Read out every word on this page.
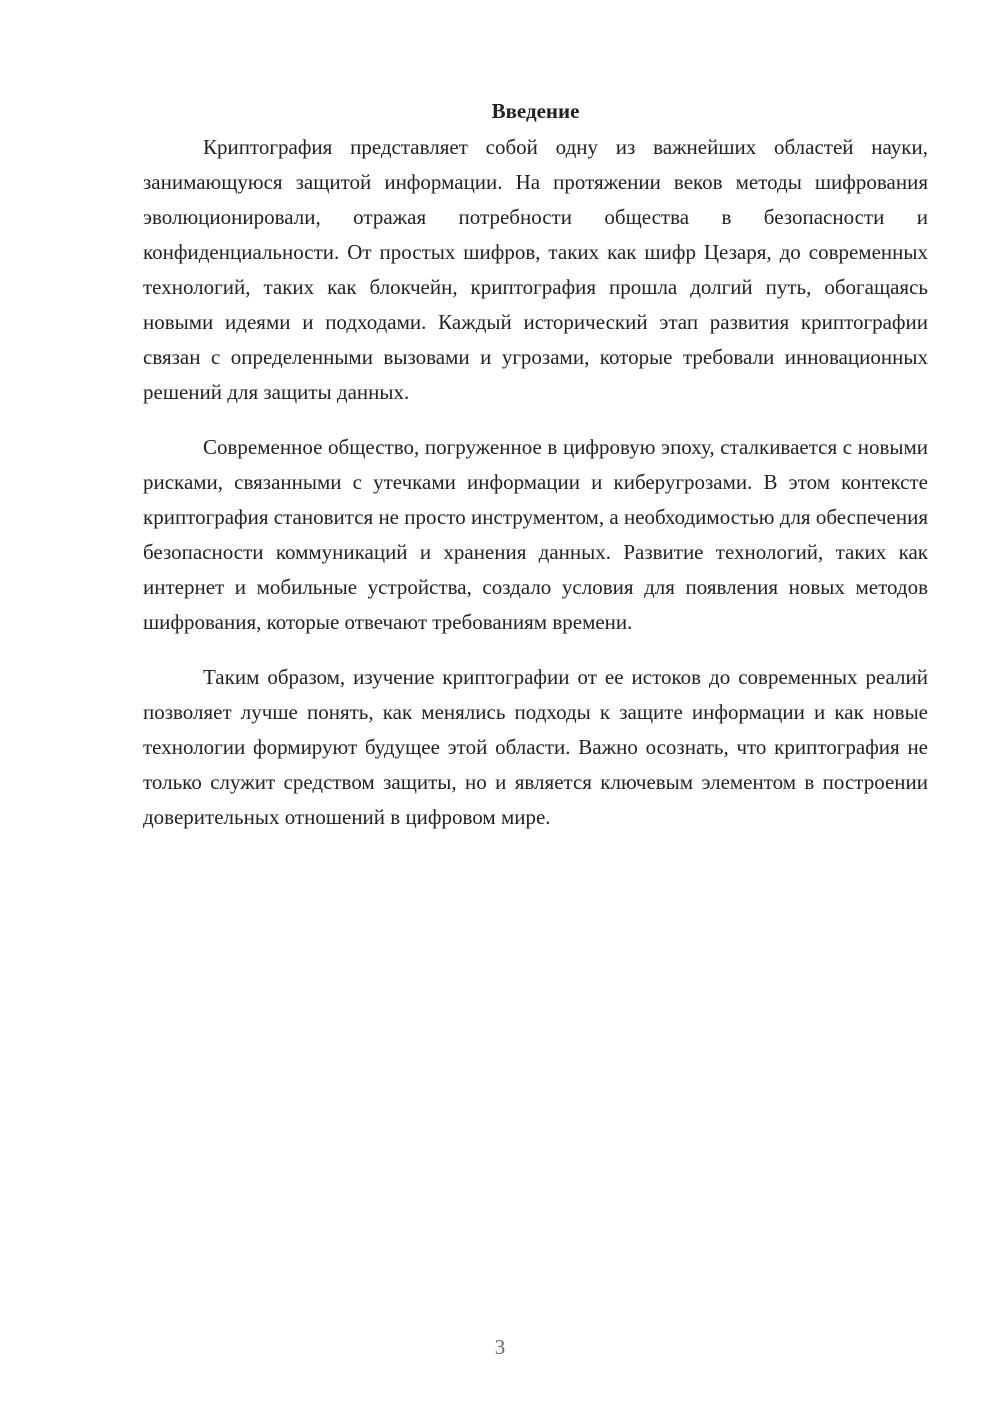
Введение

Криптография представляет собой одну из важнейших областей науки, занимающуюся защитой информации. На протяжении веков методы шифрования эволюционировали, отражая потребности общества в безопасности и конфиденциальности. От простых шифров, таких как шифр Цезаря, до современных технологий, таких как блокчейн, криптография прошла долгий путь, обогащаясь новыми идеями и подходами. Каждый исторический этап развития криптографии связан с определенными вызовами и угрозами, которые требовали инновационных решений для защиты данных.

Современное общество, погруженное в цифровую эпоху, сталкивается с новыми рисками, связанными с утечками информации и киберугрозами. В этом контексте криптография становится не просто инструментом, а необходимостью для обеспечения безопасности коммуникаций и хранения данных. Развитие технологий, таких как интернет и мобильные устройства, создало условия для появления новых методов шифрования, которые отвечают требованиям времени.

Таким образом, изучение криптографии от ее истоков до современных реалий позволяет лучше понять, как менялись подходы к защите информации и как новые технологии формируют будущее этой области. Важно осознать, что криптография не только служит средством защиты, но и является ключевым элементом в построении доверительных отношений в цифровом мире.

3
